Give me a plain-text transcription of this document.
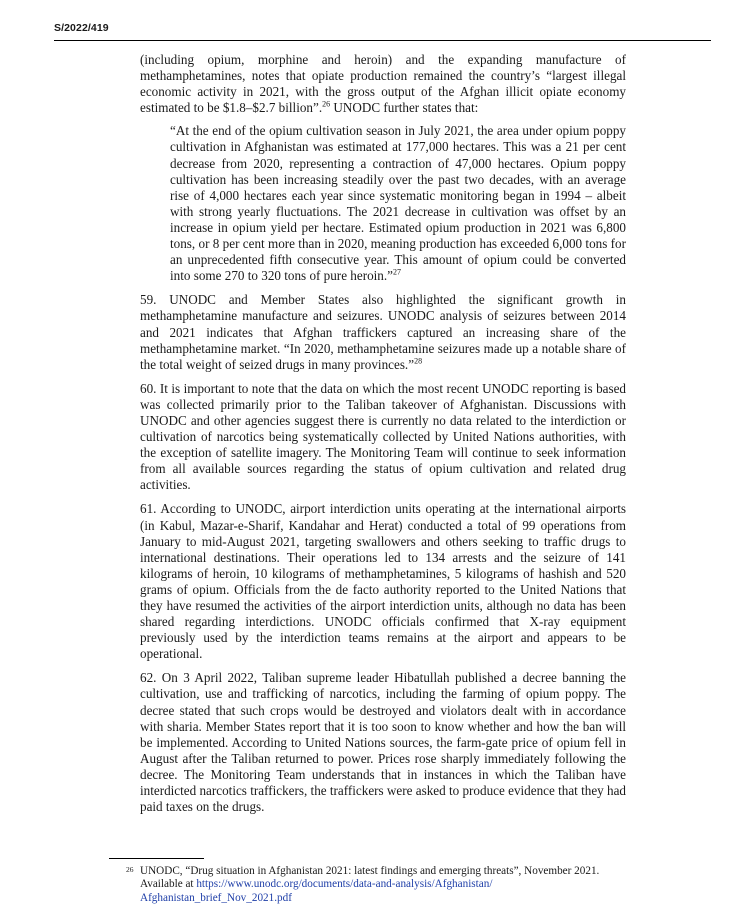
S/2022/419

(including opium, morphine and heroin) and the expanding manufacture of methamphetamines, notes that opiate production remained the country’s “largest illegal economic activity in 2021, with the gross output of the Afghan illicit opiate economy estimated to be $1.8–$2.7 billion”.$^{26}$ UNODC further states that:

“At the end of the opium cultivation season in July 2021, the area under opium poppy cultivation in Afghanistan was estimated at 177,000 hectares. This was a 21 per cent decrease from 2020, representing a contraction of 47,000 hectares. Opium poppy cultivation has been increasing steadily over the past two decades, with an average rise of 4,000 hectares each year since systematic monitoring began in 1994 – albeit with strong yearly fluctuations. The 2021 decrease in cultivation was offset by an increase in opium yield per hectare. Estimated opium production in 2021 was 6,800 tons, or 8 per cent more than in 2020, meaning production has exceeded 6,000 tons for an unprecedented fifth consecutive year. This amount of opium could be converted into some 270 to 320 tons of pure heroin.”$^{27}$

59. UNODC and Member States also highlighted the significant growth in methamphetamine manufacture and seizures. UNODC analysis of seizures between 2014 and 2021 indicates that Afghan traffickers captured an increasing share of the methamphetamine market. “In 2020, methamphetamine seizures made up a notable share of the total weight of seized drugs in many provinces.”$^{28}$

60. It is important to note that the data on which the most recent UNODC reporting is based was collected primarily prior to the Taliban takeover of Afghanistan. Discussions with UNODC and other agencies suggest there is currently no data related to the interdiction or cultivation of narcotics being systematically collected by United Nations authorities, with the exception of satellite imagery. The Monitoring Team will continue to seek information from all available sources regarding the status of opium cultivation and related drug activities.

61. According to UNODC, airport interdiction units operating at the international airports (in Kabul, Mazar-e-Sharif, Kandahar and Herat) conducted a total of 99 operations from January to mid-August 2021, targeting swallowers and others seeking to traffic drugs to international destinations. Their operations led to 134 arrests and the seizure of 141 kilograms of heroin, 10 kilograms of methamphetamines, 5 kilograms of hashish and 520 grams of opium. Officials from the de facto authority reported to the United Nations that they have resumed the activities of the airport interdiction units, although no data has been shared regarding interdictions. UNODC officials confirmed that X-ray equipment previously used by the interdiction teams remains at the airport and appears to be operational.

62. On 3 April 2022, Taliban supreme leader Hibatullah published a decree banning the cultivation, use and trafficking of narcotics, including the farming of opium poppy. The decree stated that such crops would be destroyed and violators dealt with in accordance with sharia. Member States report that it is too soon to know whether and how the ban will be implemented. According to United Nations sources, the farm-gate price of opium fell in August after the Taliban returned to power. Prices rose sharply immediately following the decree. The Monitoring Team understands that in instances in which the Taliban have interdicted narcotics traffickers, the traffickers were asked to produce evidence that they had paid taxes on the drugs.

26 UNODC, “Drug situation in Afghanistan 2021: latest findings and emerging threats”, November 2021. Available at https://www.unodc.org/documents/data-and-analysis/Afghanistan/ Afghanistan_brief_Nov_2021.pdf
